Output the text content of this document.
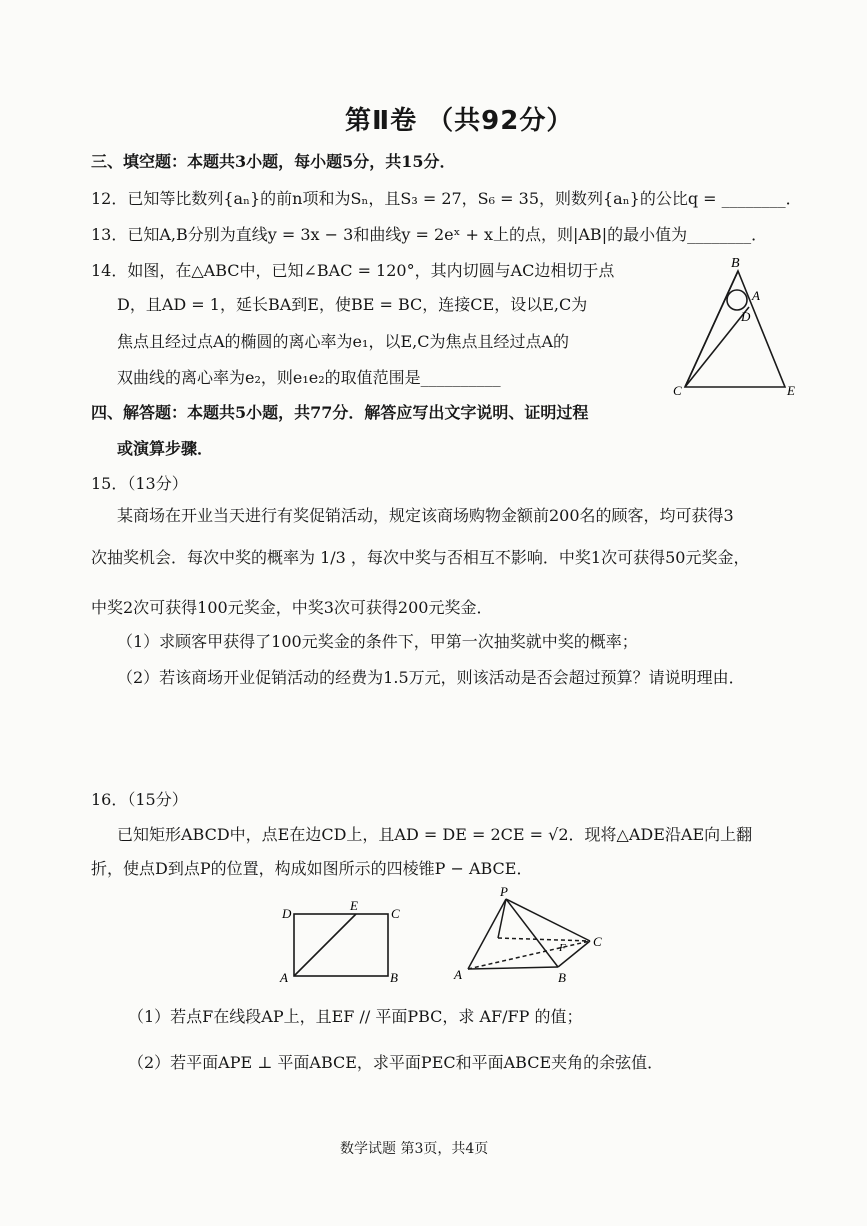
第Ⅱ卷 （共92分）
三、填空题：本题共3小题，每小题5分，共15分．
12．已知等比数列{aₙ}的前n项和为Sₙ，且S₃ = 27，S₆ = 35，则数列{aₙ}的公比q = ________．
13．已知A,B分别为直线y = 3x − 3和曲线y = 2eˣ + x上的点，则|AB|的最小值为________．
14．如图，在△ABC中，已知∠BAC = 120°，其内切圆与AC边相切于点
D，且AD = 1，延长BA到E，使BE = BC，连接CE，设以E,C为
焦点且经过点A的椭圆的离心率为e₁，以E,C为焦点且经过点A的
双曲线的离心率为e₂，则e₁e₂的取值范围是__________
B
A
D
C	E
四、解答题：本题共5小题，共77分．解答应写出文字说明、证明过程
或演算步骤．
15．（13分）
某商场在开业当天进行有奖促销活动，规定该商场购物金额前200名的顾客，均可获得3
次抽奖机会．每次中奖的概率为 1/3 ，每次中奖与否相互不影响．中奖1次可获得50元奖金，
中奖2次可获得100元奖金，中奖3次可获得200元奖金．
（1）求顾客甲获得了100元奖金的条件下，甲第一次抽奖就中奖的概率；
（2）若该商场开业促销活动的经费为1.5万元，则该活动是否会超过预算？请说明理由．
16．（15分）
已知矩形ABCD中，点E在边CD上，且AD = DE = 2CE = √2．现将△ADE沿AE向上翻
折，使点D到点P的位置，构成如图所示的四棱锥P − ABCE．
D
E
C
A	B
P
A	B
C
F
（1）若点F在线段AP上，且EF // 平面PBC，求 AF/FP 的值；
（2）若平面APE ⊥ 平面ABCE，求平面PEC和平面ABCE夹角的余弦值．
数学试题 第3页，共4页
